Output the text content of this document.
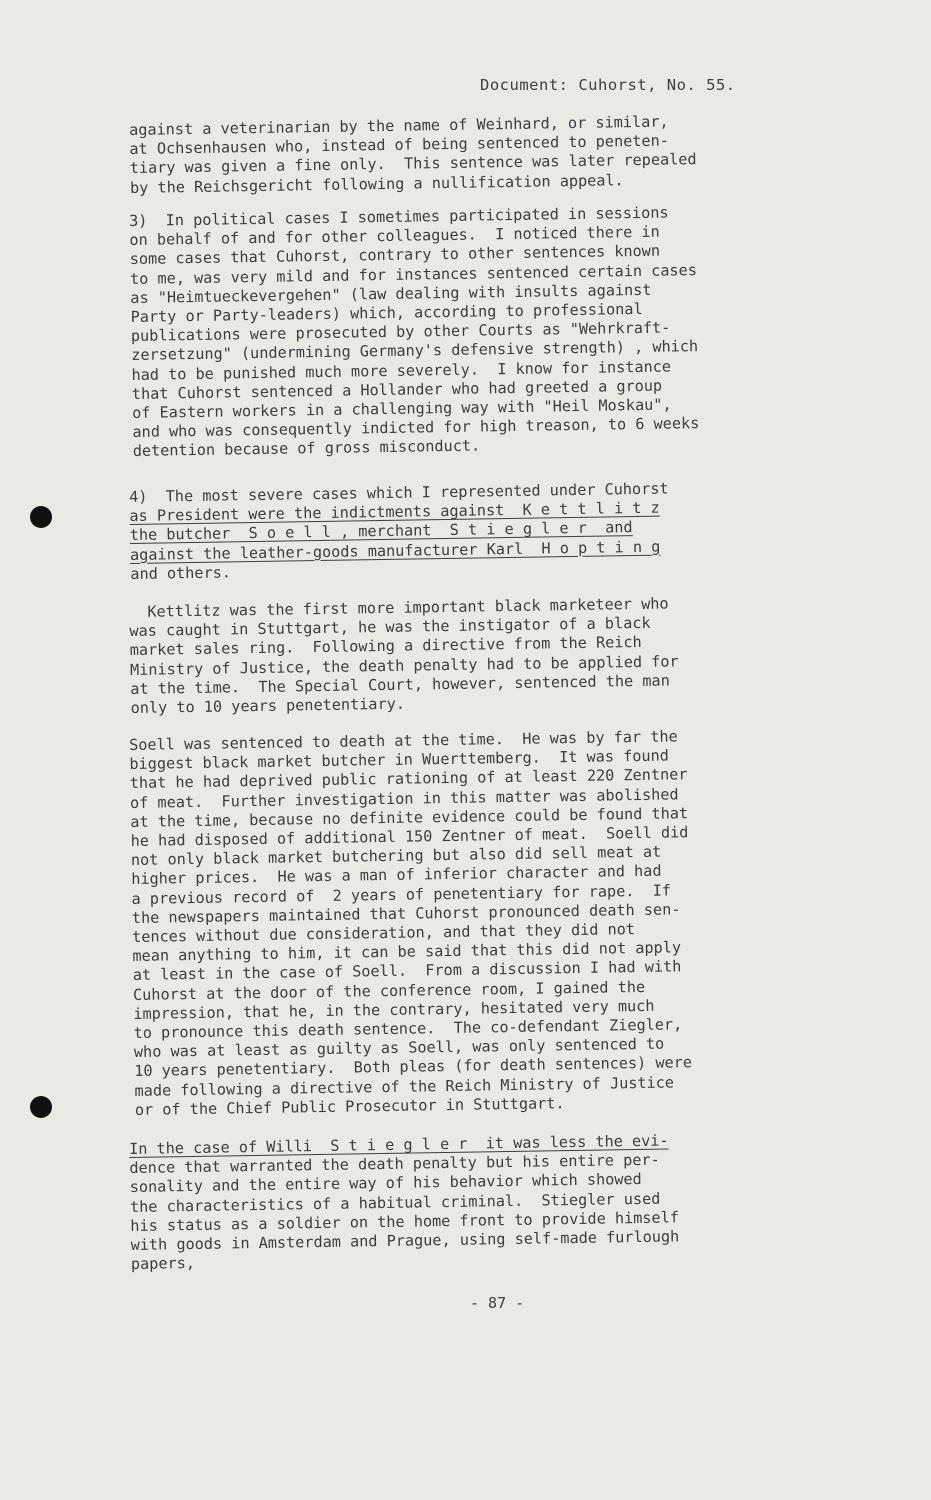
Document: Cuhorst, No. 55.
against a veterinarian by the name of Weinhard, or similar,
at Ochsenhausen who, instead of being sentenced to peneten-
tiary was given a fine only.  This sentence was later repealed
by the Reichsgericht following a nullification appeal.
3)  In political cases I sometimes participated in sessions
on behalf of and for other colleagues.  I noticed there in
some cases that Cuhorst, contrary to other sentences known
to me, was very mild and for instances sentenced certain cases
as "Heimtueckevergehen" (law dealing with insults against
Party or Party-leaders) which, according to professional
publications were prosecuted by other Courts as "Wehrkraft-
zersetzung" (undermining Germany's defensive strength) , which
had to be punished much more severely.  I know for instance
that Cuhorst sentenced a Hollander who had greeted a group
of Eastern workers in a challenging way with "Heil Moskau",
and who was consequently indicted for high treason, to 6 weeks
detention because of gross misconduct.
4)  The most severe cases which I represented under Cuhorst
as President were the indictments against  K e t t l i t z
the butcher  S o e l l , merchant  S t i e g l e r  and
against the leather-goods manufacturer Karl  H o p t i n g
and others.
Kettlitz was the first more important black marketeer who
was caught in Stuttgart, he was the instigator of a black
market sales ring.  Following a directive from the Reich
Ministry of Justice, the death penalty had to be applied for
at the time.  The Special Court, however, sentenced the man
only to 10 years penetentiary.
Soell was sentenced to death at the time.  He was by far the
biggest black market butcher in Wuerttemberg.  It was found
that he had deprived public rationing of at least 220 Zentner
of meat.  Further investigation in this matter was abolished
at the time, because no definite evidence could be found that
he had disposed of additional 150 Zentner of meat.  Soell did
not only black market butchering but also did sell meat at
higher prices.  He was a man of inferior character and had
a previous record of  2 years of penetentiary for rape.  If
the newspapers maintained that Cuhorst pronounced death sen-
tences without due consideration, and that they did not
mean anything to him, it can be said that this did not apply
at least in the case of Soell.  From a discussion I had with
Cuhorst at the door of the conference room, I gained the
impression, that he, in the contrary, hesitated very much
to pronounce this death sentence.  The co-defendant Ziegler,
who was at least as guilty as Soell, was only sentenced to
10 years penetentiary.  Both pleas (for death sentences) were
made following a directive of the Reich Ministry of Justice
or of the Chief Public Prosecutor in Stuttgart.
In the case of Willi  S t i e g l e r  it was less the evi-
dence that warranted the death penalty but his entire per-
sonality and the entire way of his behavior which showed
the characteristics of a habitual criminal.  Stiegler used
his status as a soldier on the home front to provide himself
with goods in Amsterdam and Prague, using self-made furlough
papers,
- 87 -
